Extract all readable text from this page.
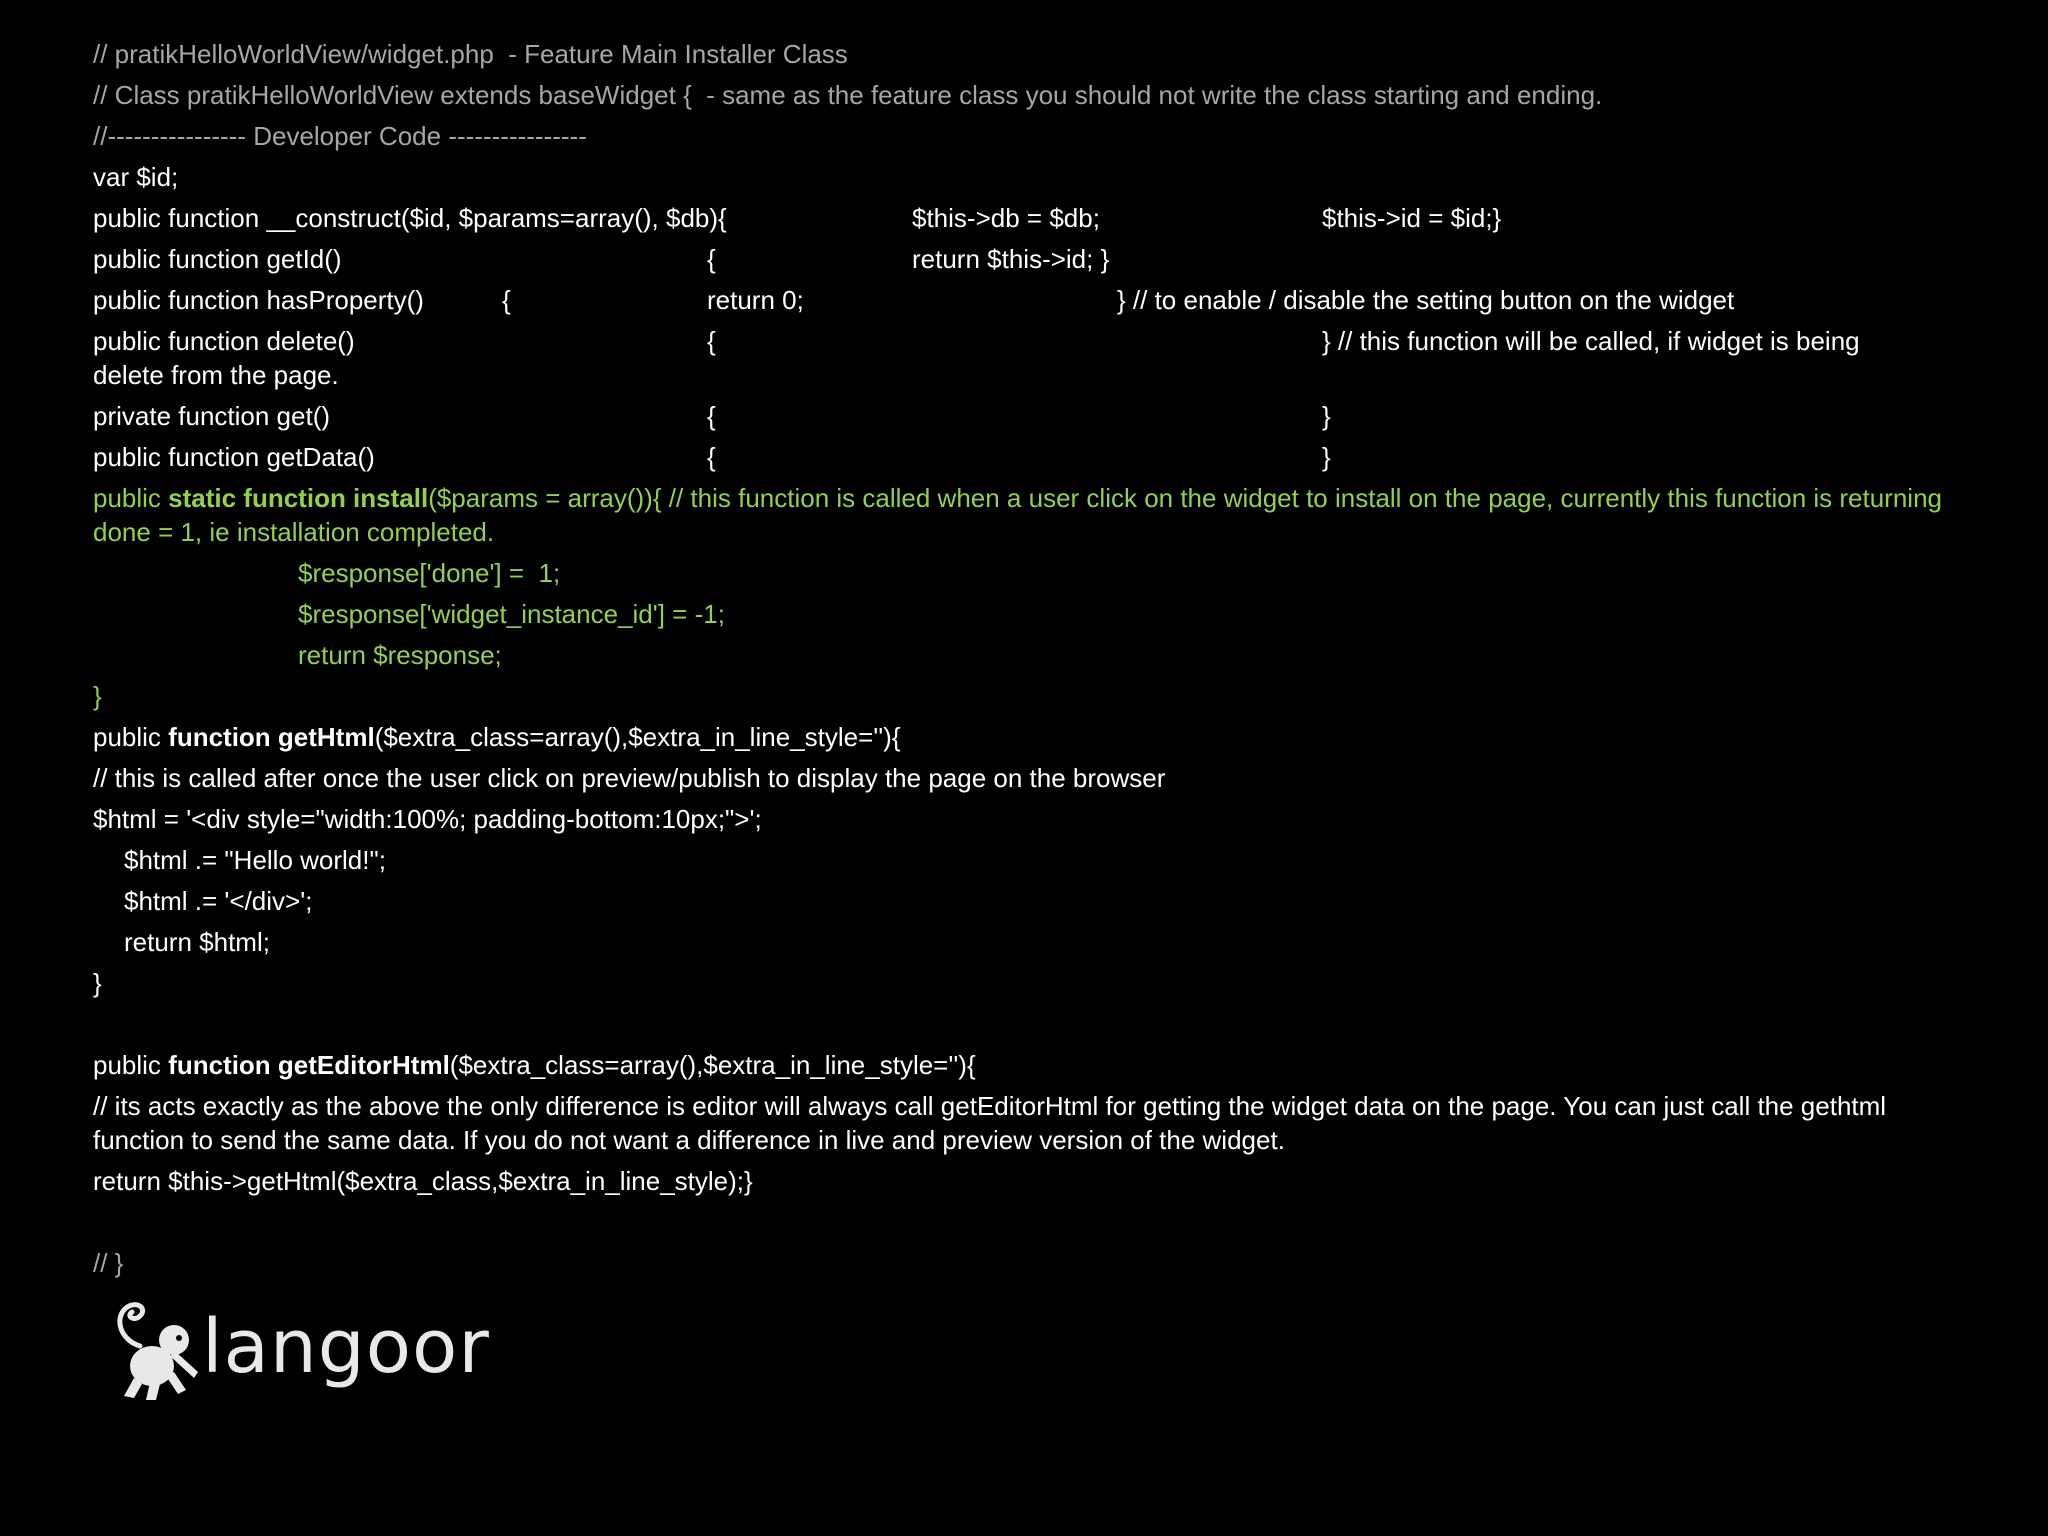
// pratikHelloWorldView/widget.php  - Feature Main Installer Class
// Class pratikHelloWorldView extends baseWidget {  - same as the feature class you should not write the class starting and ending.
//---------------- Developer Code ----------------
var $id;
public function __construct($id, $params=array(), $db){	$this->db = $db;	$this->id = $id;}
public function getId()	{	return $this->id; }
public function hasProperty()	{	return 0;	} // to enable / disable the setting button on the widget
public function delete()	{	} // this function will be called, if widget is being
delete from the page.
private function get()	{	}
public function getData()	{	}
public static function install($params = array()){ // this function is called when a user click on the widget to install on the page, currently this function is returning done = 1, ie installation completed.
$response['done'] =  1;
$response['widget_instance_id'] = -1;
return $response;
}
public function getHtml($extra_class=array(),$extra_in_line_style=''){
// this is called after once the user click on preview/publish to display the page on the browser
$html = '<div style="width:100%; padding-bottom:10px;">';
$html .= "Hello world!";
$html .= '</div>';
return $html;
}
public function getEditorHtml($extra_class=array(),$extra_in_line_style=''){
// its acts exactly as the above the only difference is editor will always call getEditorHtml for getting the widget data on the page. You can just call the gethtml function to send the same data. If you do not want a difference in live and preview version of the widget.
return $this->getHtml($extra_class,$extra_in_line_style);}
// }
langoor
